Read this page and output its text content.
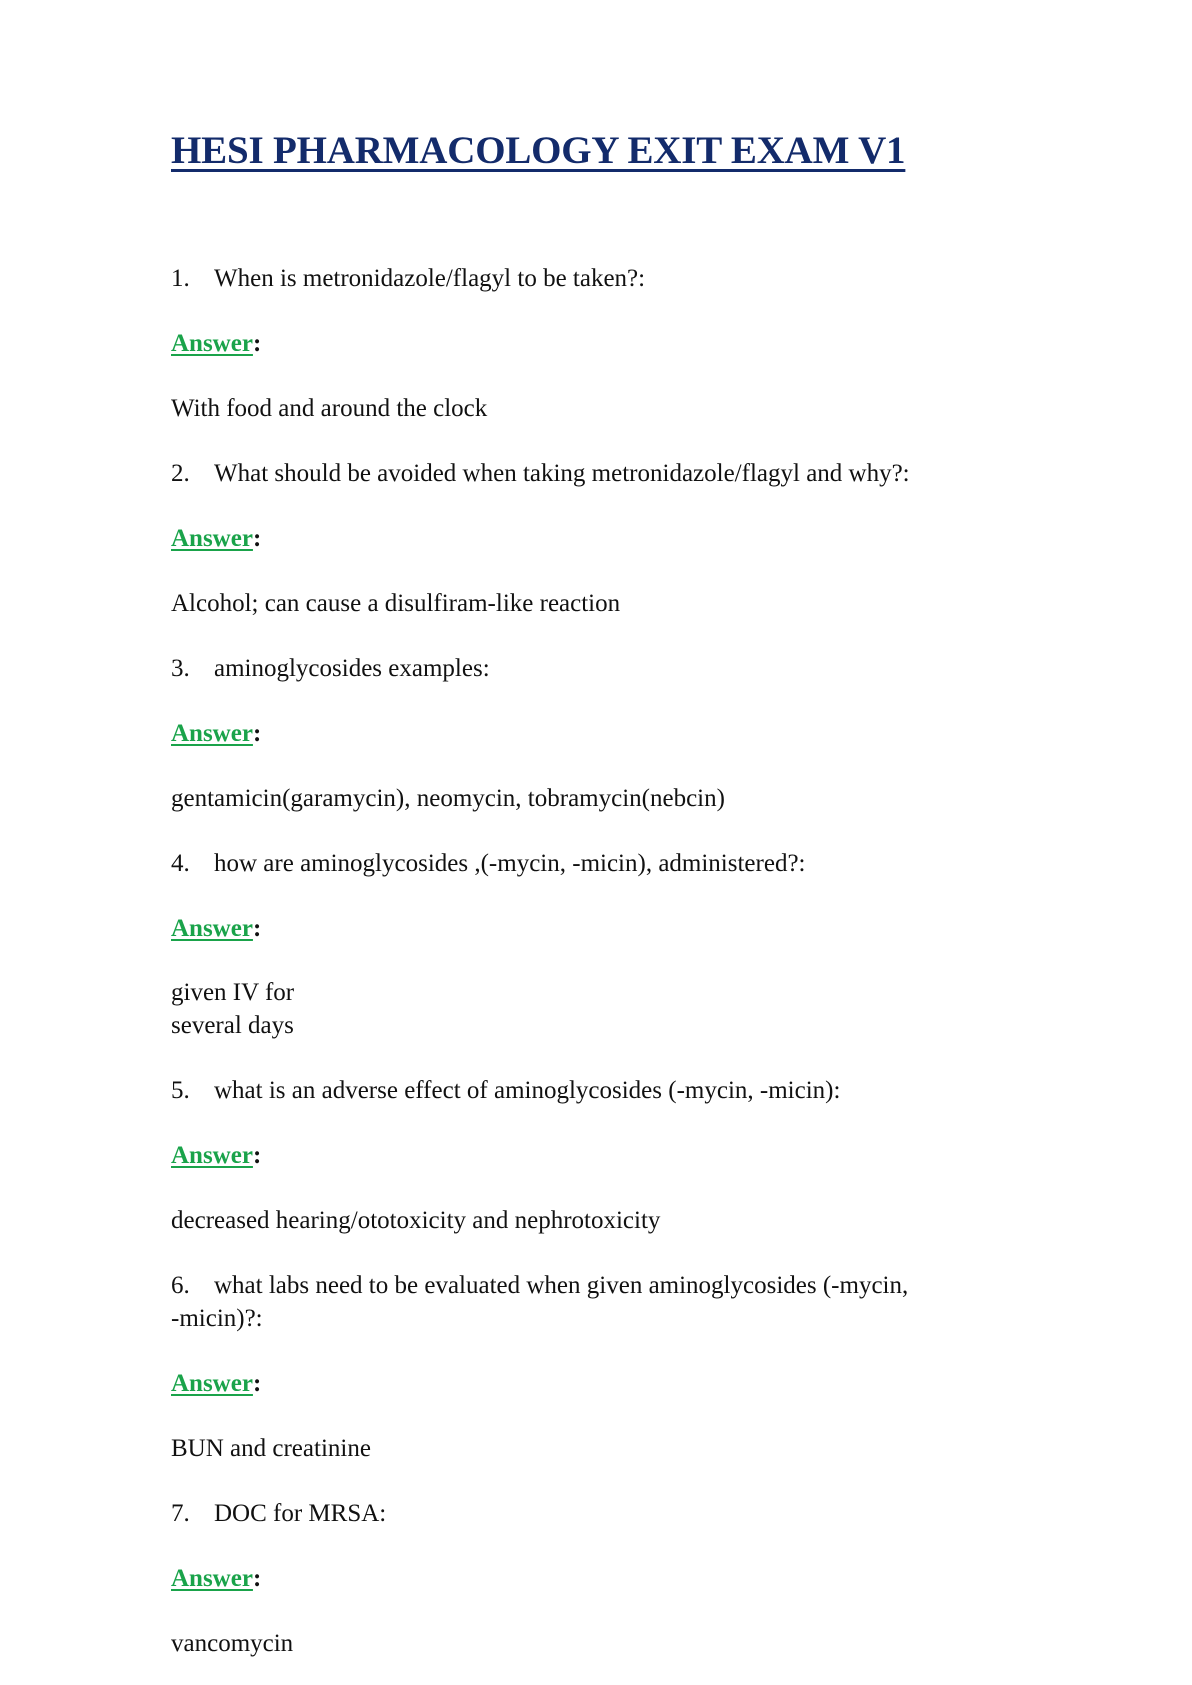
HESI PHARMACOLOGY EXIT EXAM V1
1. When is metronidazole/flagyl to be taken?:
Answer:
With food and around the clock
2. What should be avoided when taking metronidazole/flagyl and why?:
Answer:
Alcohol; can cause a disulfiram-like reaction
3. aminoglycosides examples:
Answer:
gentamicin(garamycin), neomycin, tobramycin(nebcin)
4. how are aminoglycosides ,(-mycin, -micin), administered?:
Answer:
given IV for
several days
5. what is an adverse effect of aminoglycosides (-mycin, -micin):
Answer:
decreased hearing/ototoxicity and nephrotoxicity
6. what labs need to be evaluated when given aminoglycosides (-mycin,
-micin)?:
Answer:
BUN and creatinine
7. DOC for MRSA:
Answer:
vancomycin
